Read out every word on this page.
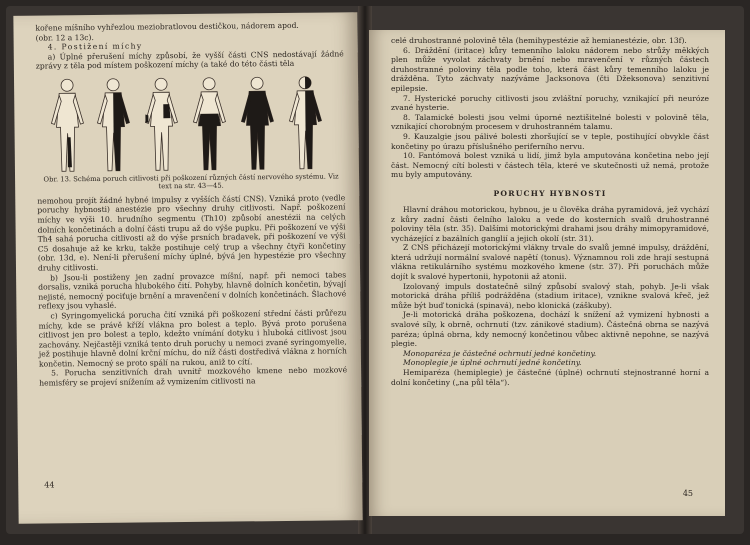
kořene míšního vyhřezlou meziobratlovou destičkou, nádorem apod.

(obr. 12 a 13c).

4. Postižení míchy

a) Úplné přerušení míchy způsobí, že vyšší části CNS nedostávají žádné zprávy z těla pod místem poškození míchy (a také do této části těla

Obr. 13. Schéma poruch citlivosti při poškození různých částí nervového systému. Viz text na str. 43—45.

nemohou projít žádné hybné impulsy z vyšších částí CNS). Vzniká proto (vedle poruchy hybnosti) anestézie pro všechny druhy citlivosti. Např. poškození míchy ve výši 10. hrudního segmentu (Th10) způsobí anestézii na celých dolních končetinách a dolní části trupu až do výše pupku. Při poškození ve výši Th4 sahá porucha citlivosti až do výše prsních bradavek, při poškození ve výši C5 dosahuje až ke krku, takže postihuje celý trup a všechny čtyři končetiny (obr. 13d, e). Není-li přerušení míchy úplné, bývá jen hypestézie pro všechny druhy citlivosti.

b) Jsou-li postiženy jen zadní provazce míšní, např. při nemoci tabes dorsalis, vzniká porucha hlubokého čití. Pohyby, hlavně dolních končetin, bývají nejisté, nemocný pociťuje brnění a mravenčení v dolních končetinách. Šlachové reflexy jsou vyhaslé.

c) Syringomyelická porucha čití vzniká při poškození střední části průřezu míchy, kde se právě kříží vlákna pro bolest a teplo. Bývá proto porušena citlivost jen pro bolest a teplo, kdežto vnímání dotyku i hluboká citlivost jsou zachovány. Nejčastěji vzniká tento druh poruchy u nemoci zvané syringomyelie, jež postihuje hlavně dolní krční míchu, do níž části dostředivá vlákna z horních končetin. Nemocný se proto spálí na rukou, aniž to cítí.

5. Porucha senzitivních drah uvnitř mozkového kmene nebo mozkové hemisféry se projeví snížením až vymizením citlivosti na

44

celé druhostranné polovině těla (hemihypestézie až hemianestézie, obr. 13f).

6. Dráždění (iritace) kůry temenního laloku nádorem nebo strůžy měkkých plen může vyvolat záchvaty brnění nebo mravenčení v různých částech druhostranné poloviny těla podle toho, která část kůry temenního laloku je drážděna. Tyto záchvaty nazýváme Jacksonova (čti Džeksonova) senzitivní epilepsie.

7. Hysterické poruchy citlivosti jsou zvláštní poruchy, vznikající při neuróze zvané hysterie.

8. Talamické bolesti jsou velmi úporné neztišitelné bolesti v polovině těla, vznikající chorobným procesem v druhostranném talamu.

9. Kauzalgie jsou pálivé bolesti zhoršující se v teple, postihující obvykle část končetiny po úrazu příslušného periferního nervu.

10. Fantómová bolest vzniká u lidí, jimž byla amputována končetina nebo její část. Nemocný cítí bolesti v částech těla, které ve skutečnosti už nemá, protože mu byly amputovány.

PORUCHY HYBNOSTI

Hlavní dráhou motorickou, hybnou, je u člověka dráha pyramidová, jež vychází z kůry zadní části čelního laloku a vede do kosterních svalů druhostranné poloviny těla (str. 35). Dalšími motorickými drahami jsou dráhy mimopyramidové, vycházející z bazálních ganglií a jejich okolí (str. 31).

Z CNS přicházejí motorickými vlákny trvale do svalů jemné impulsy, dráždění, která udržují normální svalové napětí (tonus). Významnou roli zde hrají sestupná vlákna retikulárního systému mozkového kmene (str. 37). Při poruchách může dojít k svalové hypertonii, hypotonii až atonii.

Izolovaný impuls dostatečně silný způsobí svalový stah, pohyb. Je-li však motorická dráha příliš podrážděna (stadium iritace), vznikne svalová křeč, jež může být buď tonická (spinavá), nebo klonická (záškuby).

Je-li motorická dráha poškozena, dochází k snížení až vymizení hybnosti a svalové síly, k obrně, ochrnutí (tzv. zánikové stadium). Částečná obrna se nazývá paréza; úplná obrna, kdy nemocný končetinou vůbec aktivně nepohne, se nazývá plegie.

Monoparéza je částečné ochrnutí jedné končetiny.

Monoplegie je úplné ochrnutí jedné končetiny.

Hemiparéza (hemiplegie) je částečné (úplné) ochrnutí stejnostranné horní a dolní končetiny („na půl těla“).

45
